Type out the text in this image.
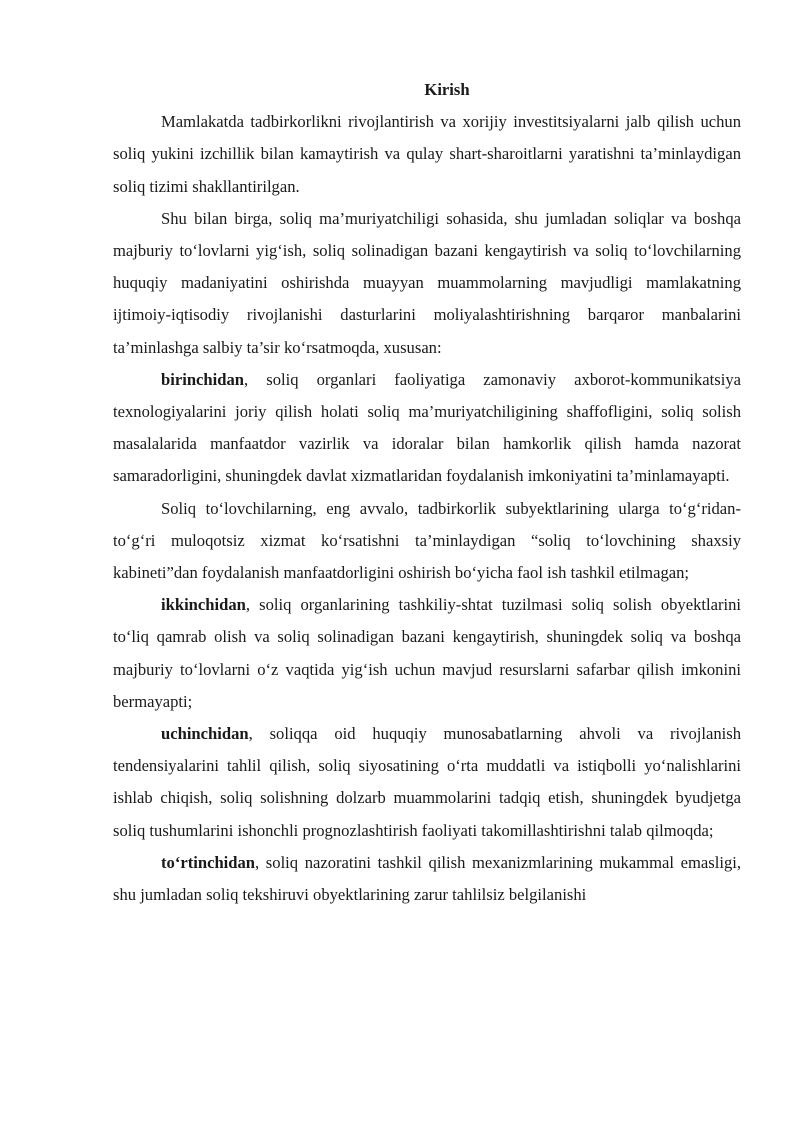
Kirish

Mamlakatda tadbirkorlikni rivojlantirish va xorijiy investitsiyalarni jalb qilish uchun soliq yukini izchillik bilan kamaytirish va qulay shart-sharoitlarni yaratishni ta’minlaydigan soliq tizimi shakllantirilgan.

Shu bilan birga, soliq ma’muriyatchiligi sohasida, shu jumladan soliqlar va boshqa majburiy to‘lovlarni yig‘ish, soliq solinadigan bazani kengaytirish va soliq to‘lovchilarning huquqiy madaniyatini oshirishda muayyan muammolarning mavjudligi mamlakatning ijtimoiy-iqtisodiy rivojlanishi dasturlarini moliyalashtirishning barqaror manbalarini ta’minlashga salbiy ta’sir ko‘rsatmoqda, xususan:

birinchidan, soliq organlari faoliyatiga zamonaviy axborot-kommunikatsiya texnologiyalarini joriy qilish holati soliq ma’muriyatchiligining shaffofligini, soliq solish masalalarida manfaatdor vazirlik va idoralar bilan hamkorlik qilish hamda nazorat samaradorligini, shuningdek davlat xizmatlaridan foydalanish imkoniyatini ta’minlamayapti.

Soliq to‘lovchilarning, eng avvalo, tadbirkorlik subyektlarining ularga to‘g‘ridan-to‘g‘ri muloqotsiz xizmat ko‘rsatishni ta’minlaydigan “soliq to‘lovchining shaxsiy kabineti”dan foydalanish manfaatdorligini oshirish bo‘yicha faol ish tashkil etilmagan;

ikkinchidan, soliq organlarining tashkiliy-shtat tuzilmasi soliq solish obyektlarini to‘liq qamrab olish va soliq solinadigan bazani kengaytirish, shuningdek soliq va boshqa majburiy to‘lovlarni o‘z vaqtida yig‘ish uchun mavjud resurslarni safarbar qilish imkonini bermayapti;

uchinchidan, soliqqa oid huquqiy munosabatlarning ahvoli va rivojlanish tendensiyalarini tahlil qilish, soliq siyosatining o‘rta muddatli va istiqbolli yo‘nalishlarini ishlab chiqish, soliq solishning dolzarb muammolarini tadqiq etish, shuningdek byudjetga soliq tushumlarini ishonchli prognozlashtirish faoliyati takomillashtirishni talab qilmoqda;

to‘rtinchidan, soliq nazoratini tashkil qilish mexanizmlarining mukammal emasligi, shu jumladan soliq tekshiruvi obyektlarining zarur tahlilsiz belgilanishi
